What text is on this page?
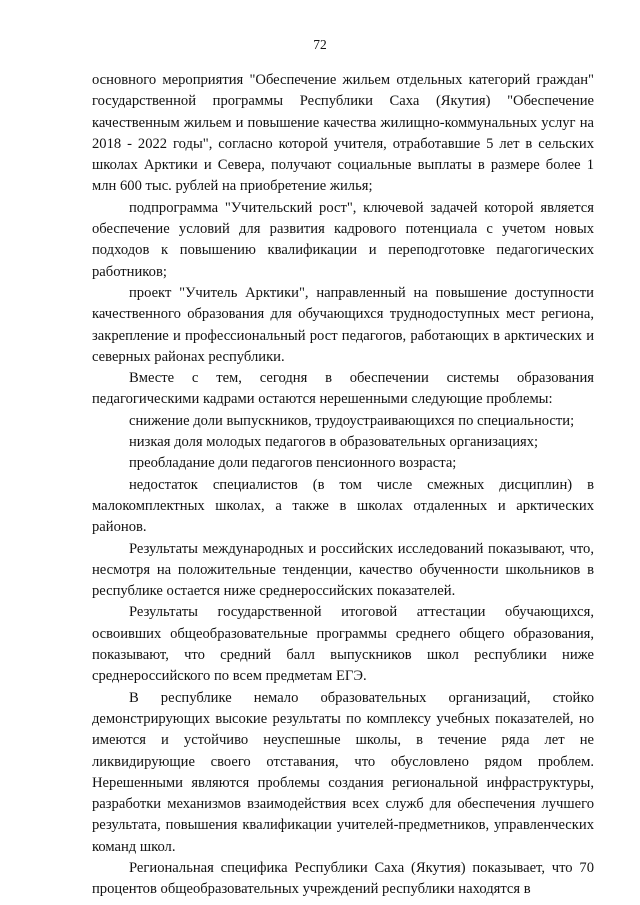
72

основного мероприятия "Обеспечение жильем отдельных категорий граждан" государственной программы Республики Саха (Якутия) "Обеспечение качественным жильем и повышение качества жилищно-коммунальных услуг на 2018 - 2022 годы", согласно которой учителя, отработавшие 5 лет в сельских школах Арктики и Севера, получают социальные выплаты в размере более 1 млн 600 тыс. рублей на приобретение жилья;

подпрограмма "Учительский рост", ключевой задачей которой является обеспечение условий для развития кадрового потенциала с учетом новых подходов к повышению квалификации и переподготовке педагогических работников;

проект "Учитель Арктики", направленный на повышение доступности качественного образования для обучающихся труднодоступных мест региона, закрепление и профессиональный рост педагогов, работающих в арктических и северных районах республики.

Вместе с тем, сегодня в обеспечении системы образования педагогическими кадрами остаются нерешенными следующие проблемы:

снижение доли выпускников, трудоустраивающихся по специальности;

низкая доля молодых педагогов в образовательных организациях;

преобладание доли педагогов пенсионного возраста;

недостаток специалистов (в том числе смежных дисциплин) в малокомплектных школах, а также в школах отдаленных и арктических районов.

Результаты международных и российских исследований показывают, что, несмотря на положительные тенденции, качество обученности школьников в республике остается ниже среднероссийских показателей.

Результаты государственной итоговой аттестации обучающихся, освоивших общеобразовательные программы среднего общего образования, показывают, что средний балл выпускников школ республики ниже среднероссийского по всем предметам ЕГЭ.

В республике немало образовательных организаций, стойко демонстрирующих высокие результаты по комплексу учебных показателей, но имеются и устойчиво неуспешные школы, в течение ряда лет не ликвидирующие своего отставания, что обусловлено рядом проблем. Нерешенными являются проблемы создания региональной инфраструктуры, разработки механизмов взаимодействия всех служб для обеспечения лучшего результата, повышения квалификации учителей-предметников, управленческих команд школ.

Региональная специфика Республики Саха (Якутия) показывает, что 70 процентов общеобразовательных учреждений республики находятся в
